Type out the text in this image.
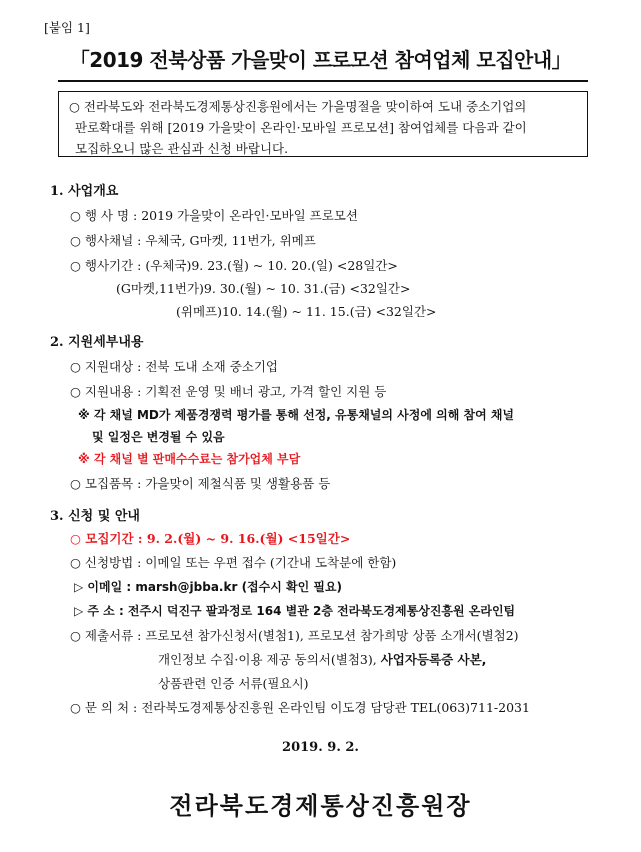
[붙임 1]
「2019 전북상품 가을맞이 프로모션 참여업체 모집안내」
○ 전라북도와 전라북도경제통상진흥원에서는 가을명절을 맞이하여 도내 중소기업의
판로확대를 위해 [2019 가을맞이 온라인·모바일 프로모션] 참여업체를 다음과 같이
모집하오니 많은 관심과 신청 바랍니다.
1. 사업개요
○ 행 사 명 : 2019 가을맞이 온라인·모바일 프로모션
○ 행사채널 : 우체국, G마켓, 11번가, 위메프
○ 행사기간 : (우체국)9. 23.(월) ~ 10. 20.(일) <28일간>
(G마켓,11번가)9. 30.(월) ~ 10. 31.(금) <32일간>
(위메프)10. 14.(월) ~ 11. 15.(금) <32일간>
2. 지원세부내용
○ 지원대상 : 전북 도내 소재 중소기업
○ 지원내용 : 기획전 운영 및 배너 광고, 가격 할인 지원 등
※ 각 채널 MD가 제품경쟁력 평가를 통해 선정, 유통채널의 사정에 의해 참여 채널
및 일정은 변경될 수 있음
※ 각 채널 별 판매수수료는 참가업체 부담
○ 모집품목 : 가을맞이 제철식품 및 생활용품 등
3. 신청 및 안내
○ 모집기간 : 9. 2.(월) ~ 9. 16.(월) <15일간>
○ 신청방법 : 이메일 또는 우편 접수 (기간내 도착분에 한함)
▷ 이메일 : marsh@jbba.kr (접수시 확인 필요)
▷ 주 소 : 전주시 덕진구 팔과정로 164 별관 2층 전라북도경제통상진흥원 온라인팀
○ 제출서류 : 프로모션 참가신청서(별첨1), 프로모션 참가희망 상품 소개서(별첨2)
개인정보 수집·이용 제공 동의서(별첨3), 사업자등록증 사본,
상품관련 인증 서류(필요시)
○ 문 의 처 : 전라북도경제통상진흥원 온라인팀 이도경 담당관 TEL(063)711-2031
2019. 9. 2.
전라북도경제통상진흥원장
